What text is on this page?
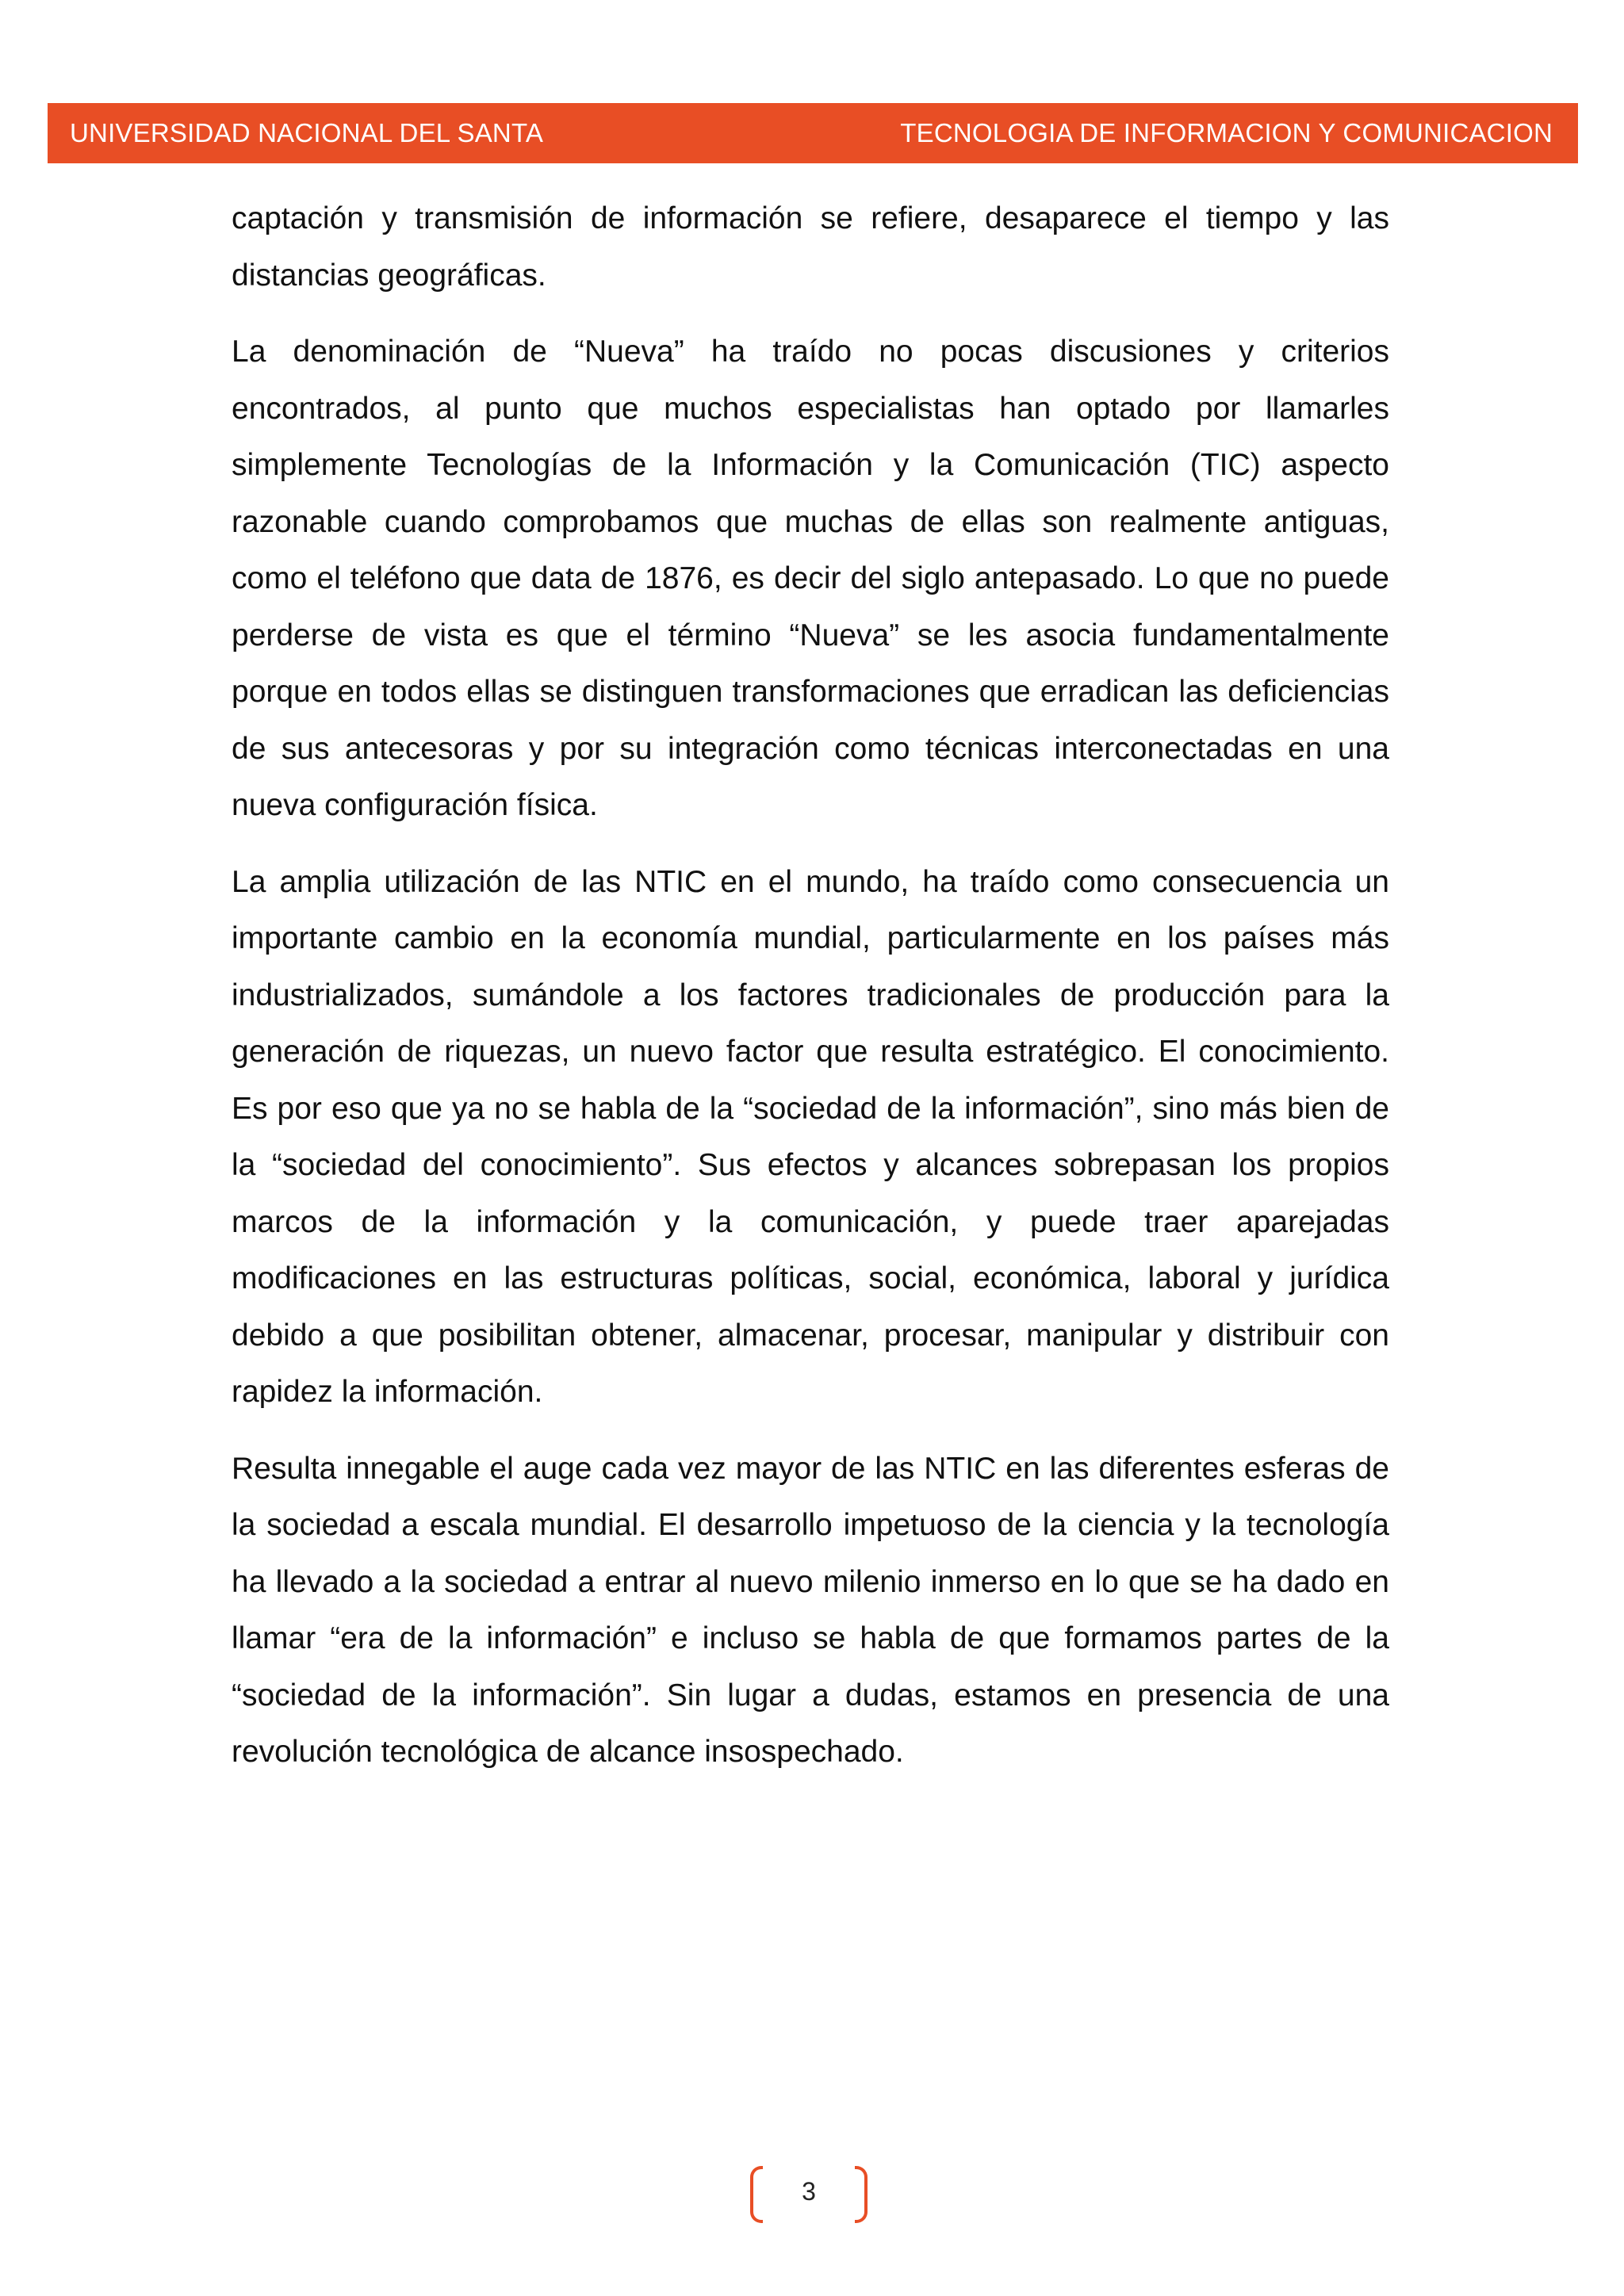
UNIVERSIDAD NACIONAL DEL SANTA	TECNOLOGIA DE INFORMACION Y COMUNICACION

captación y transmisión de información se refiere, desaparece el tiempo y las distancias geográficas.

La denominación de “Nueva” ha traído no pocas discusiones y criterios encontrados, al punto que muchos especialistas han optado por llamarles simplemente Tecnologías de la Información y la Comunicación (TIC) aspecto razonable cuando comprobamos que muchas de ellas son realmente antiguas, como el teléfono que data de 1876, es decir del siglo antepasado. Lo que no puede perderse de vista es que el término “Nueva” se les asocia fundamentalmente porque en todos ellas se distinguen transformaciones que erradican las deficiencias de sus antecesoras y por su integración como técnicas interconectadas en una nueva configuración física.

La amplia utilización de las NTIC en el mundo, ha traído como consecuencia un importante cambio en la economía mundial, particularmente en los países más industrializados, sumándole a los factores tradicionales de producción para la generación de riquezas, un nuevo factor que resulta estratégico. El conocimiento. Es por eso que ya no se habla de la “sociedad de la información”, sino más bien de la “sociedad del conocimiento”. Sus efectos y alcances sobrepasan los propios marcos de la información y la comunicación, y puede traer aparejadas modificaciones en las estructuras políticas, social, económica, laboral y jurídica debido a que posibilitan obtener, almacenar, procesar, manipular y distribuir con rapidez la información.

Resulta innegable el auge cada vez mayor de las NTIC en las diferentes esferas de la sociedad a escala mundial. El desarrollo impetuoso de la ciencia y la tecnología ha llevado a la sociedad a entrar al nuevo milenio inmerso en lo que se ha dado en llamar “era de la información” e incluso se habla de que formamos partes de la “sociedad de la información”. Sin lugar a dudas, estamos en presencia de una revolución tecnológica de alcance insospechado.

3
